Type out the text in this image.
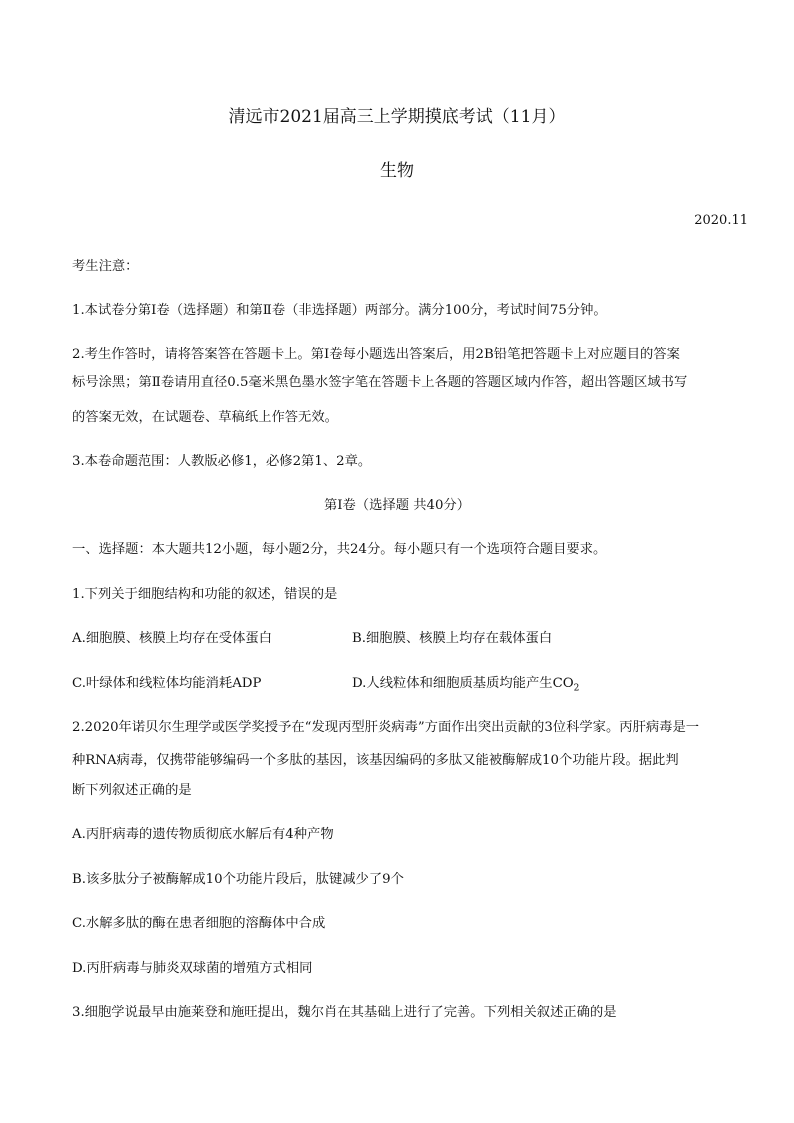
清远市2021届高三上学期摸底考试（11月）
生物
2020.11
考生注意：
1.本试卷分第Ⅰ卷（选择题）和第Ⅱ卷（非选择题）两部分。满分100分，考试时间75分钟。
2.考生作答时，请将答案答在答题卡上。第Ⅰ卷每小题选出答案后，用2B铅笔把答题卡上对应题目的答案
标号涂黑；第Ⅱ卷请用直径0.5毫米黑色墨水签字笔在答题卡上各题的答题区域内作答，超出答题区域书写
的答案无效，在试题卷、草稿纸上作答无效。
3.本卷命题范围：人教版必修1，必修2第1、2章。
第Ⅰ卷（选择题 共40分）
一、选择题：本大题共12小题，每小题2分，共24分。每小题只有一个选项符合题目要求。
1.下列关于细胞结构和功能的叙述，错误的是
A.细胞膜、核膜上均存在受体蛋白	B.细胞膜、核膜上均存在载体蛋白
C.叶绿体和线粒体均能消耗ADP	D.人线粒体和细胞质基质均能产生$CO_2$
2.2020年诺贝尔生理学或医学奖授予在“发现丙型肝炎病毒”方面作出突出贡献的3位科学家。丙肝病毒是一
种RNA病毒，仅携带能够编码一个多肽的基因，该基因编码的多肽又能被酶解成10个功能片段。据此判
断下列叙述正确的是
A.丙肝病毒的遗传物质彻底水解后有4种产物
B.该多肽分子被酶解成10个功能片段后，肽键减少了9个
C.水解多肽的酶在患者细胞的溶酶体中合成
D.丙肝病毒与肺炎双球菌的增殖方式相同
3.细胞学说最早由施莱登和施旺提出，魏尔肖在其基础上进行了完善。下列相关叙述正确的是
